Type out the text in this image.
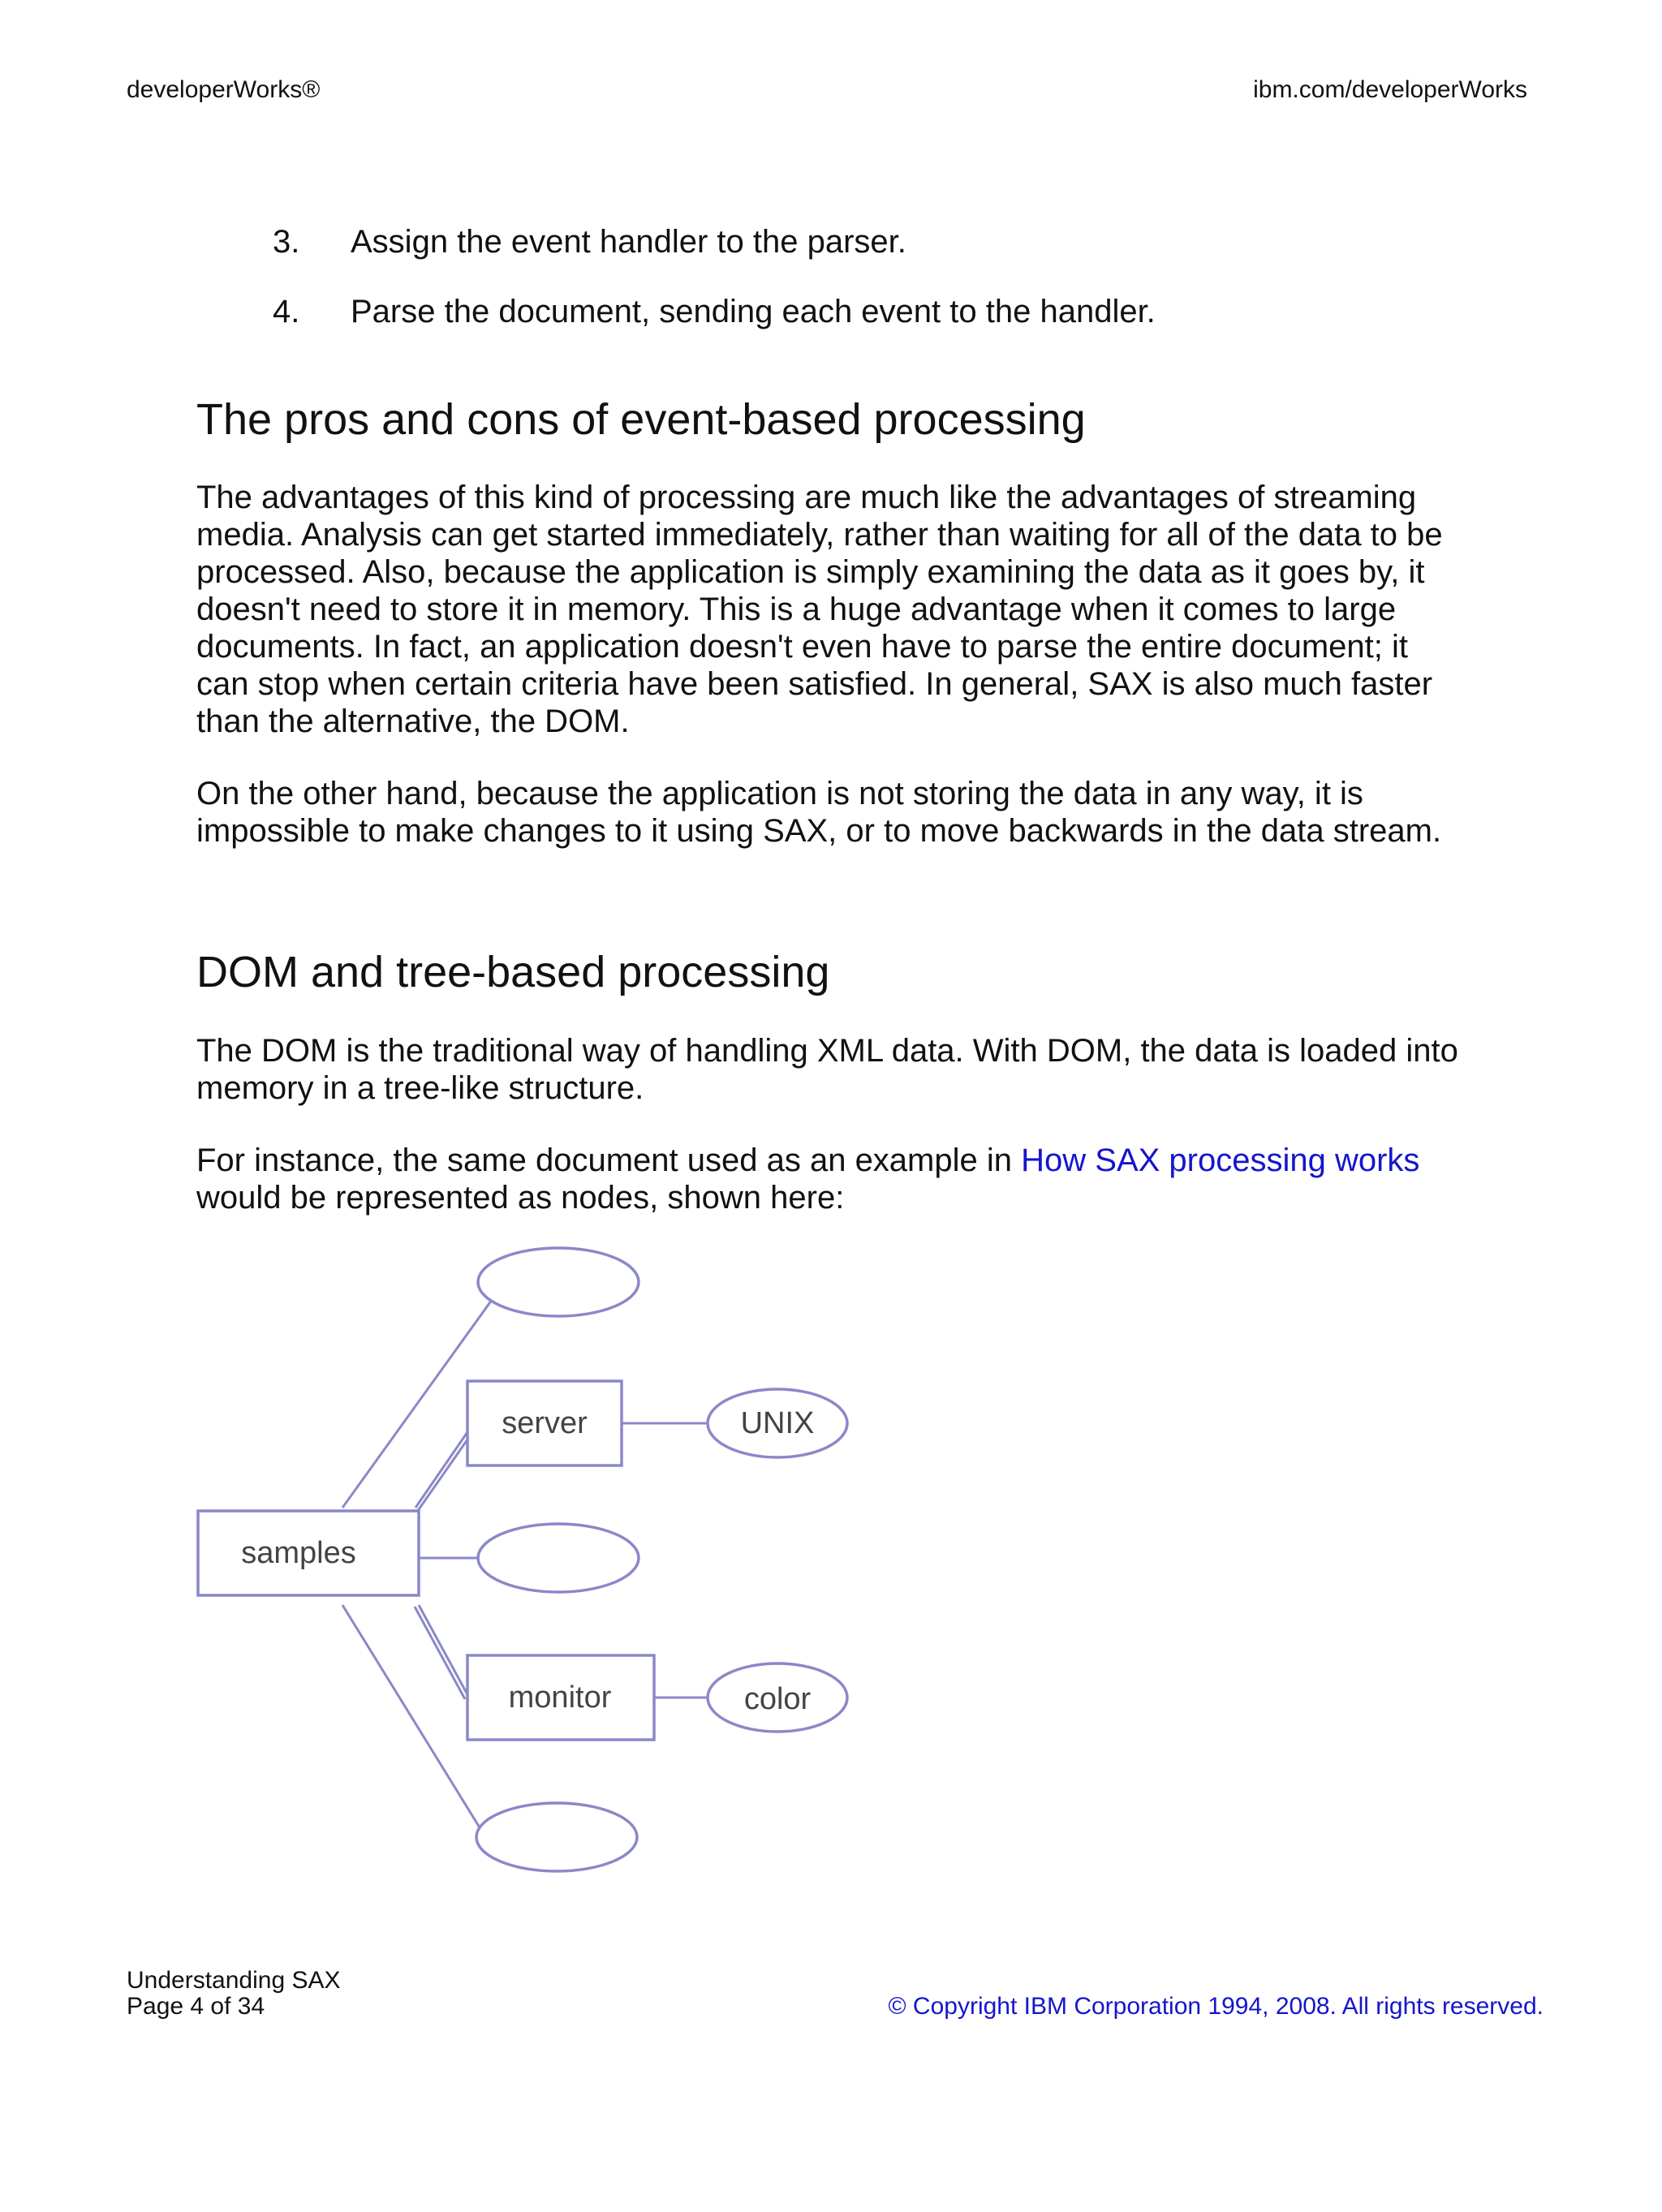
developerWorks®	ibm.com/developerWorks
3.	Assign the event handler to the parser.
4.	Parse the document, sending each event to the handler.
The pros and cons of event-based processing

The advantages of this kind of processing are much like the advantages of streaming media. Analysis can get started immediately, rather than waiting for all of the data to be processed. Also, because the application is simply examining the data as it goes by, it doesn't need to store it in memory. This is a huge advantage when it comes to large documents. In fact, an application doesn't even have to parse the entire document; it can stop when certain criteria have been satisfied. In general, SAX is also much faster than the alternative, the DOM.

On the other hand, because the application is not storing the data in any way, it is impossible to make changes to it using SAX, or to move backwards in the data stream.

DOM and tree-based processing

The DOM is the traditional way of handling XML data. With DOM, the data is loaded into memory in a tree-like structure.

For instance, the same document used as an example in How SAX processing works would be represented as nodes, shown here:

samples
server	UNIX
monitor	color
Understanding SAX
Page 4 of 34	© Copyright IBM Corporation 1994, 2008. All rights reserved.
